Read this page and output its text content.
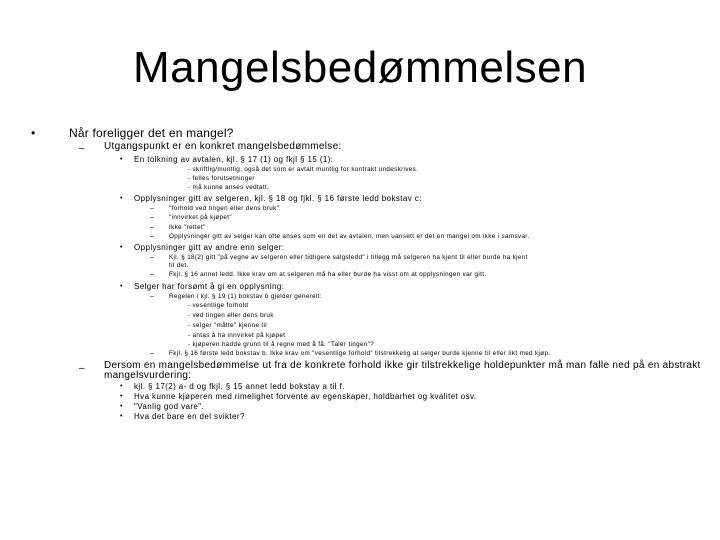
Mangelsbedømmelsen
•	Når foreligger det en mangel?
– Utgangspunkt er en konkret mangelsbedømmelse:
• En tolkning av avtalen, kjl. § 17 (1) og fkjl § 15 (1):
- skriftlig/muntlig, også det som er avtalt muntlig for kontrakt undeskrives.
- felles forutsetninger
- må kunne anses vedtatt.
• Opplysninger gitt av selgeren, kjl. § 18 og fjkl. § 16 første ledd bokstav c:
– "forhold ved tingen eller dens bruk"
– "innvirket på kjøpet"
– Ikke "rettet"
– Opplysninger gitt av selger kan ofte anses som en del av avtalen, men uansett er det en mangel om ikke i samsvar.
• Opplysninger gitt av andre enn selger:
– Kjl. § 18(2) gitt "på vegne av selgeren eller tidligere salgsledd" i tillegg må selgeren ha kjent til eller burde ha kjent
til det.
– Fkjl. § 16 annet ledd. Ikke krav om at selgeren må ha eller burde ha visst om at opplysningen var gitt.
• Selger har forsømt å gi en opplysning:
– Regelen i kjl. § 19 (1) bokstav b gjelder generelt:
- vesentlige forhold
- ved tingen eller dens bruk
- selger "måtte" kjenne til
- antas å ha innvirket på kjøpet
- kjøperen hadde grunn til å regne med å få. "Taler tingen"?
– Fkjl. § 16 første ledd bokstav b. Ikke krav om "vesentlige forhold" tilstrekkelig at selger burde kjenne til eller likt med kjøp.
– Dersom en mangelsbedømmelse ut fra de konkrete forhold ikke gir tilstrekkelige holdepunkter må man falle ned på en abstrakt
mangelsvurdering:
• kjl. § 17(2) a- d og fkjl. § 15 annet ledd bokstav a til f.
• Hva kunne kjøperen med rimelighet forvente av egenskaper, holdbarhet og kvalitet osv.
• "Vanlig god vare".
• Hva det bare en del svikter?
